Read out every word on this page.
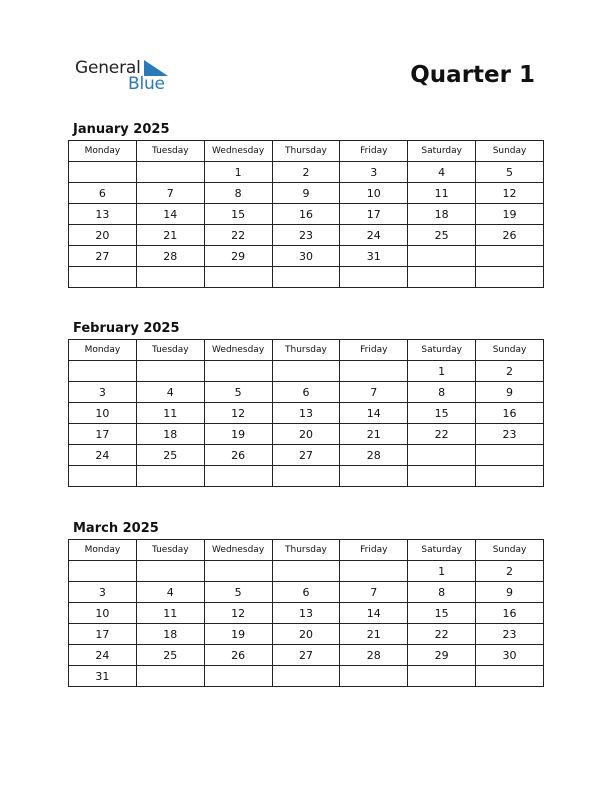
General
Blue	Quarter 1
January 2025
Monday	Tuesday	Wednesday	Thursday	Friday	Saturday	Sunday
		1	2	3	4	5
6	7	8	9	10	11	12
13	14	15	16	17	18	19
20	21	22	23	24	25	26
27	28	29	30	31		

February 2025
Monday	Tuesday	Wednesday	Thursday	Friday	Saturday	Sunday
					1	2
3	4	5	6	7	8	9
10	11	12	13	14	15	16
17	18	19	20	21	22	23
24	25	26	27	28		

March 2025
Monday	Tuesday	Wednesday	Thursday	Friday	Saturday	Sunday
					1	2
3	4	5	6	7	8	9
10	11	12	13	14	15	16
17	18	19	20	21	22	23
24	25	26	27	28	29	30
31						
